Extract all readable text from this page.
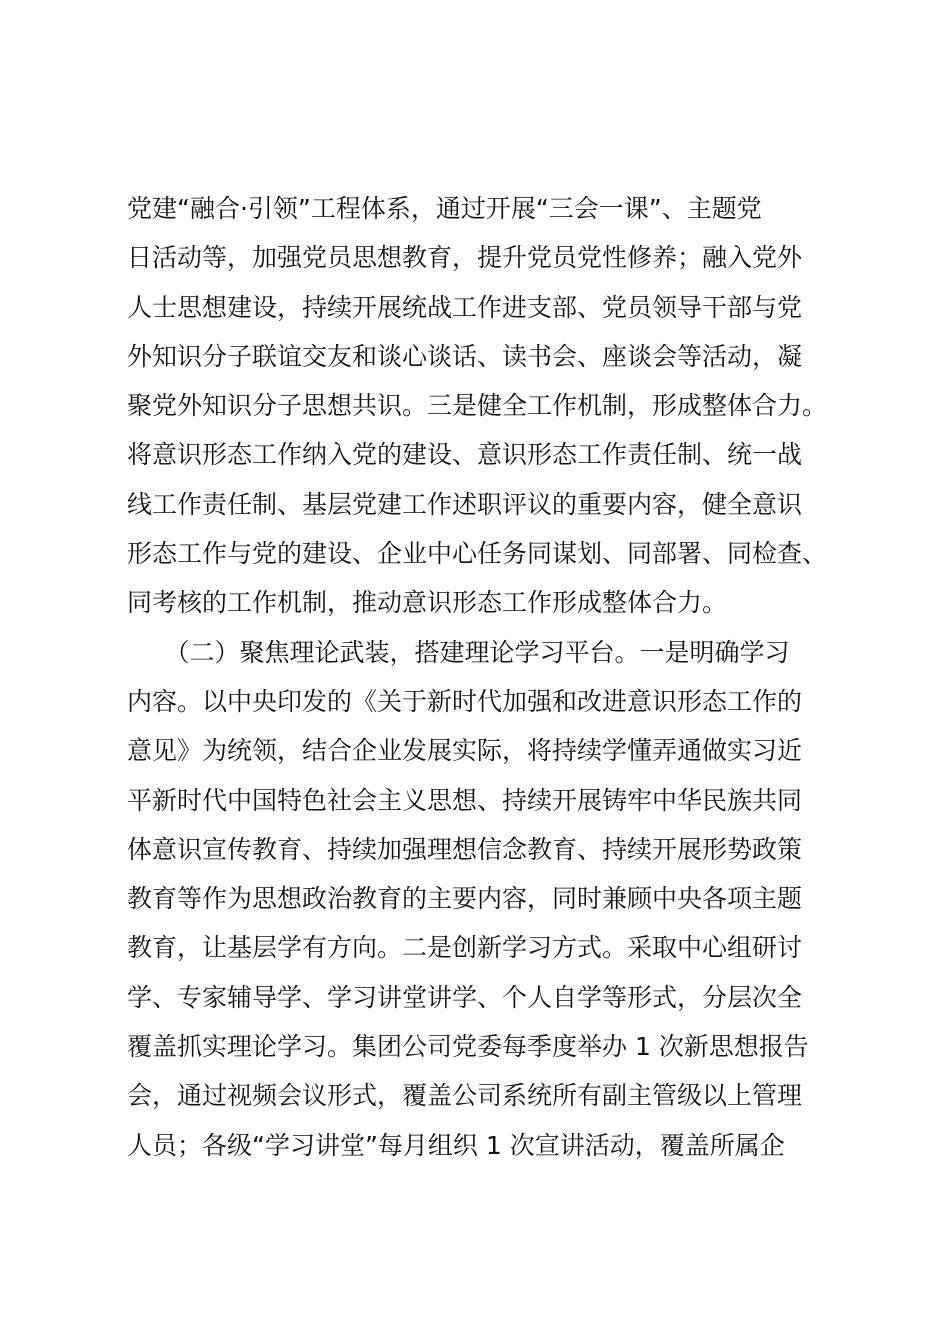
党建“融合·引领”工程体系，通过开展“三会一课”、主题党
日活动等，加强党员思想教育，提升党员党性修养；融入党外
人士思想建设，持续开展统战工作进支部、党员领导干部与党
外知识分子联谊交友和谈心谈话、读书会、座谈会等活动，凝
聚党外知识分子思想共识。三是健全工作机制，形成整体合力。
将意识形态工作纳入党的建设、意识形态工作责任制、统一战
线工作责任制、基层党建工作述职评议的重要内容，健全意识
形态工作与党的建设、企业中心任务同谋划、同部署、同检查、
同考核的工作机制，推动意识形态工作形成整体合力。
　　（二）聚焦理论武装，搭建理论学习平台。一是明确学习
内容。以中央印发的《关于新时代加强和改进意识形态工作的
意见》为统领，结合企业发展实际，将持续学懂弄通做实习近
平新时代中国特色社会主义思想、持续开展铸牢中华民族共同
体意识宣传教育、持续加强理想信念教育、持续开展形势政策
教育等作为思想政治教育的主要内容，同时兼顾中央各项主题
教育，让基层学有方向。二是创新学习方式。采取中心组研讨
学、专家辅导学、学习讲堂讲学、个人自学等形式，分层次全
覆盖抓实理论学习。集团公司党委每季度举办 1 次新思想报告
会，通过视频会议形式，覆盖公司系统所有副主管级以上管理
人员；各级“学习讲堂”每月组织 1 次宣讲活动，覆盖所属企
